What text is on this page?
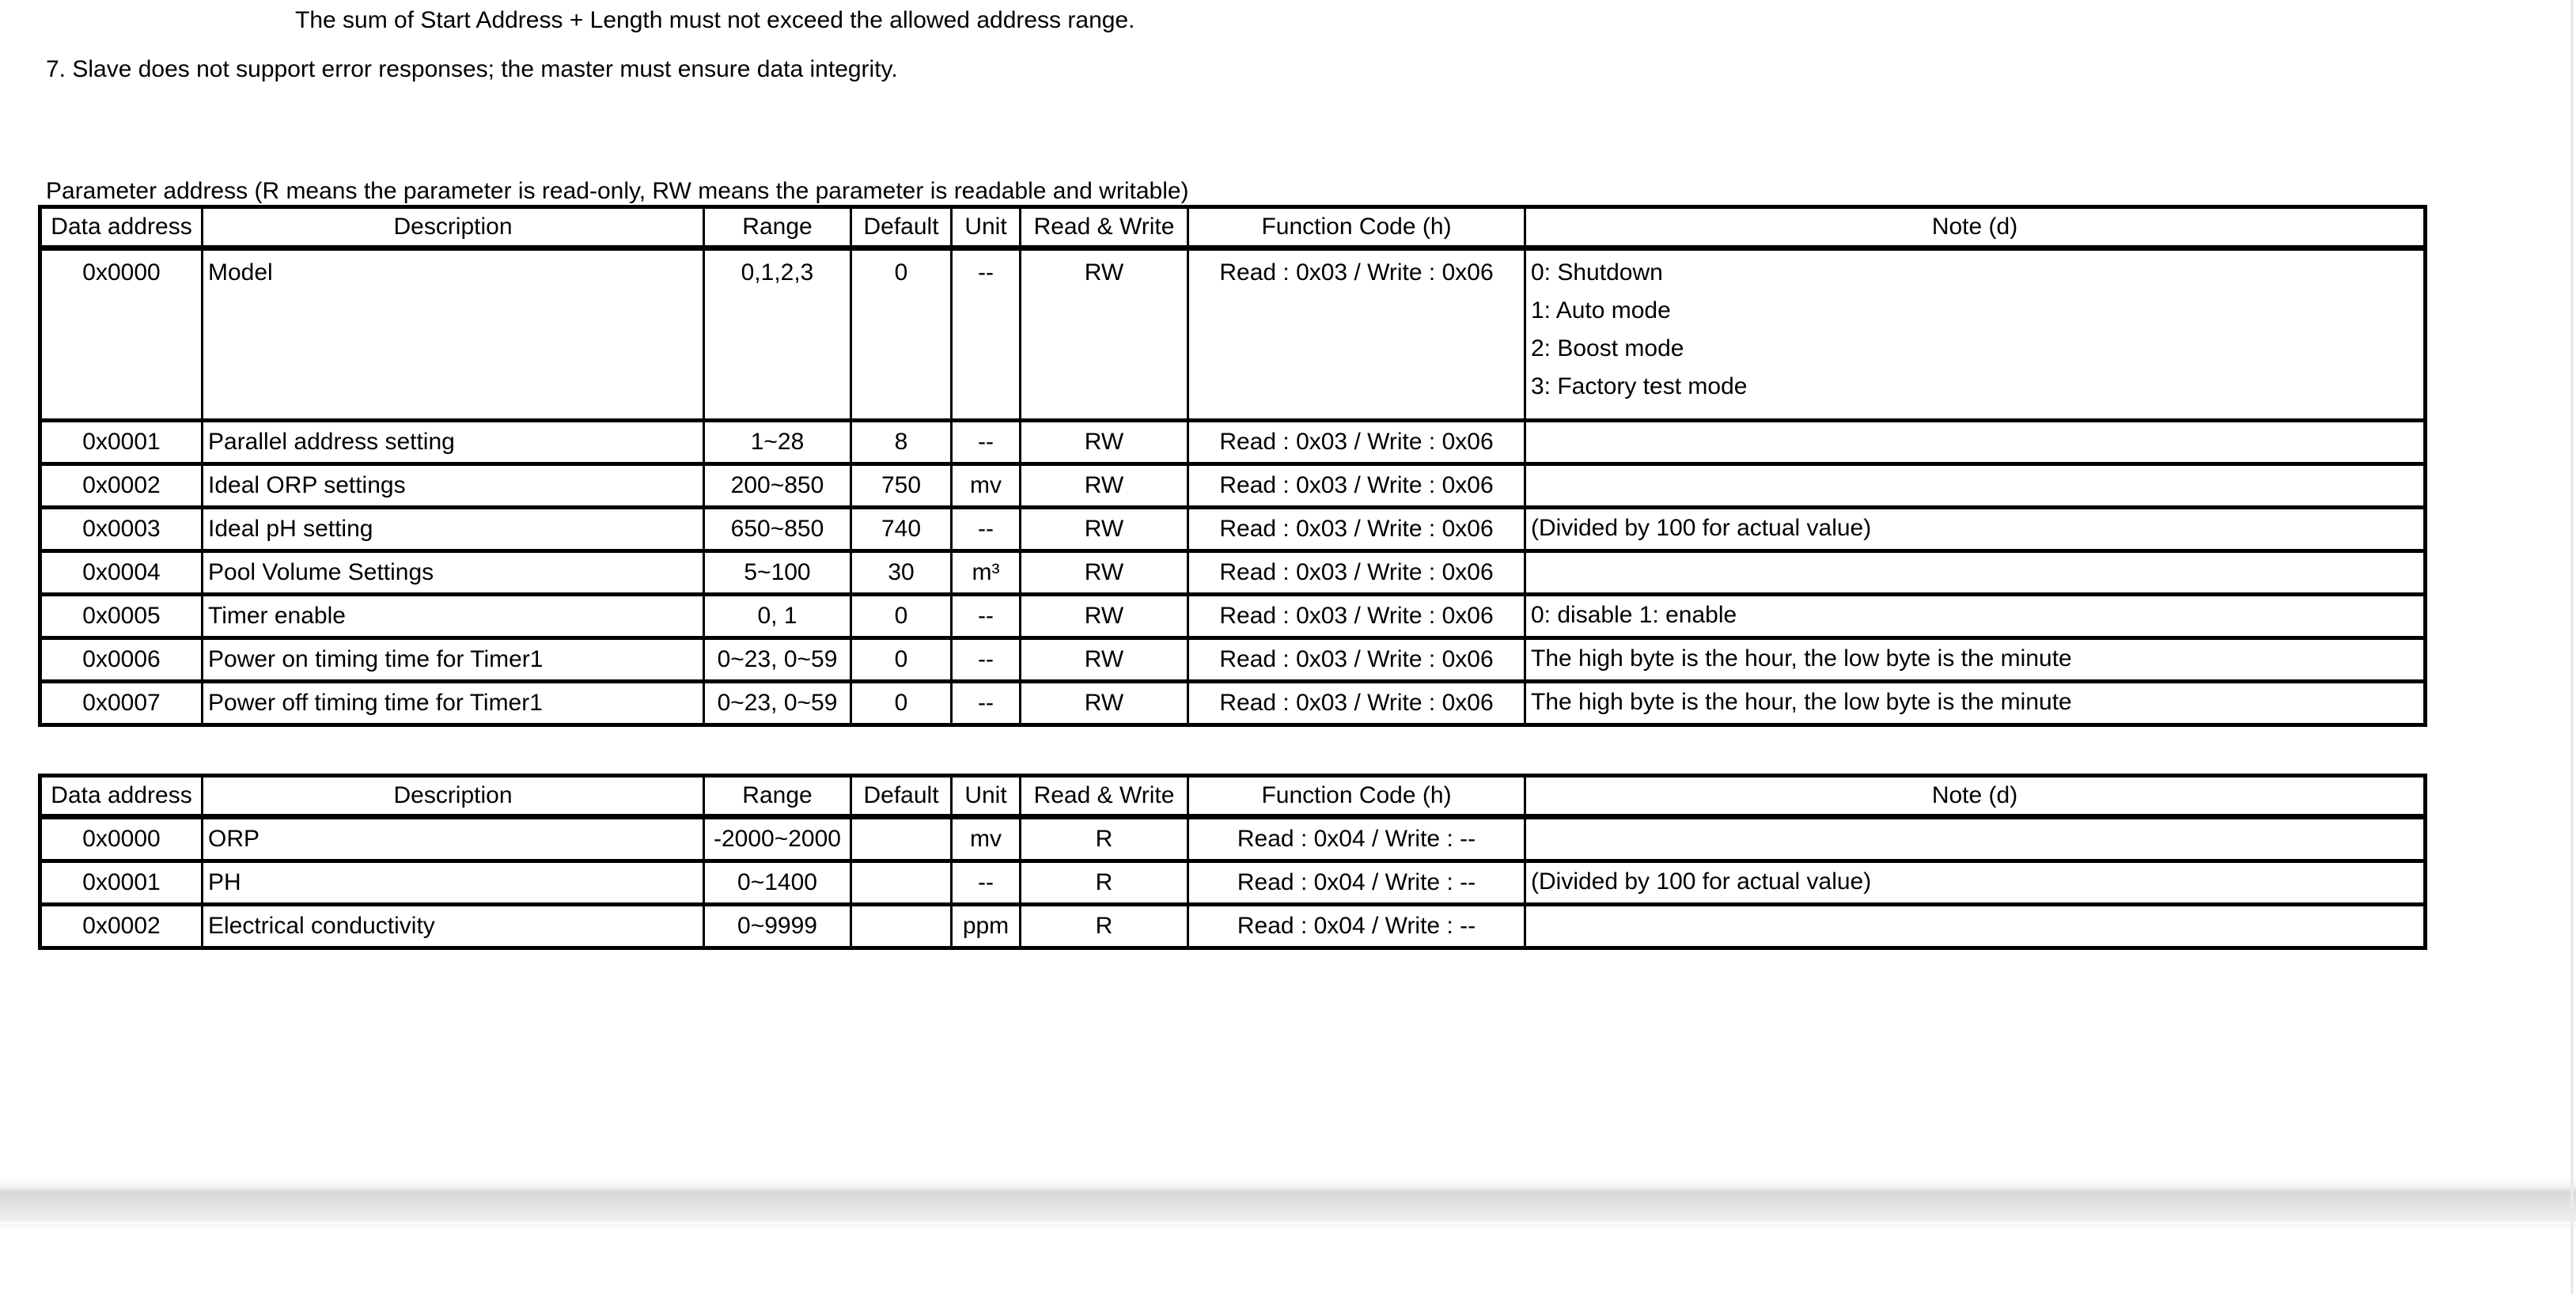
The sum of Start Address + Length must not exceed the allowed address range.
7. Slave does not support error responses; the master must ensure data integrity.
Parameter address (R means the parameter is read-only, RW means the parameter is readable and writable)
Data address	Description	Range	Default	Unit	Read & Write	Function Code (h)	Note (d)
0x0000	Model	0,1,2,3	0	--	RW	Read : 0x03 / Write : 0x06	0: Shutdown
1: Auto mode
2: Boost mode
3: Factory test mode

0x0001	Parallel address setting	1~28	8	--	RW	Read : 0x03 / Write : 0x06	
0x0002	Ideal ORP settings	200~850	750	mv	RW	Read : 0x03 / Write : 0x06	
0x0003	Ideal pH setting	650~850	740	--	RW	Read : 0x03 / Write : 0x06	(Divided by 100 for actual value)

0x0004	Pool Volume Settings	5~100	30	m³	RW	Read : 0x03 / Write : 0x06	
0x0005	Timer enable	0, 1	0	--	RW	Read : 0x03 / Write : 0x06	0: disable 1: enable

0x0006	Power on timing time for Timer1	0~23, 0~59	0	--	RW	Read : 0x03 / Write : 0x06	The high byte is the hour, the low byte is the minute

0x0007	Power off timing time for Timer1	0~23, 0~59	0	--	RW	Read : 0x03 / Write : 0x06	The high byte is the hour, the low byte is the minute
Data address	Description	Range	Default	Unit	Read & Write	Function Code (h)	Note (d)
0x0000	ORP	-2000~2000		mv	R	Read : 0x04 / Write : --	
0x0001	PH	0~1400		--	R	Read : 0x04 / Write : --	(Divided by 100 for actual value)

0x0002	Electrical conductivity	0~9999		ppm	R	Read : 0x04 / Write : --	
